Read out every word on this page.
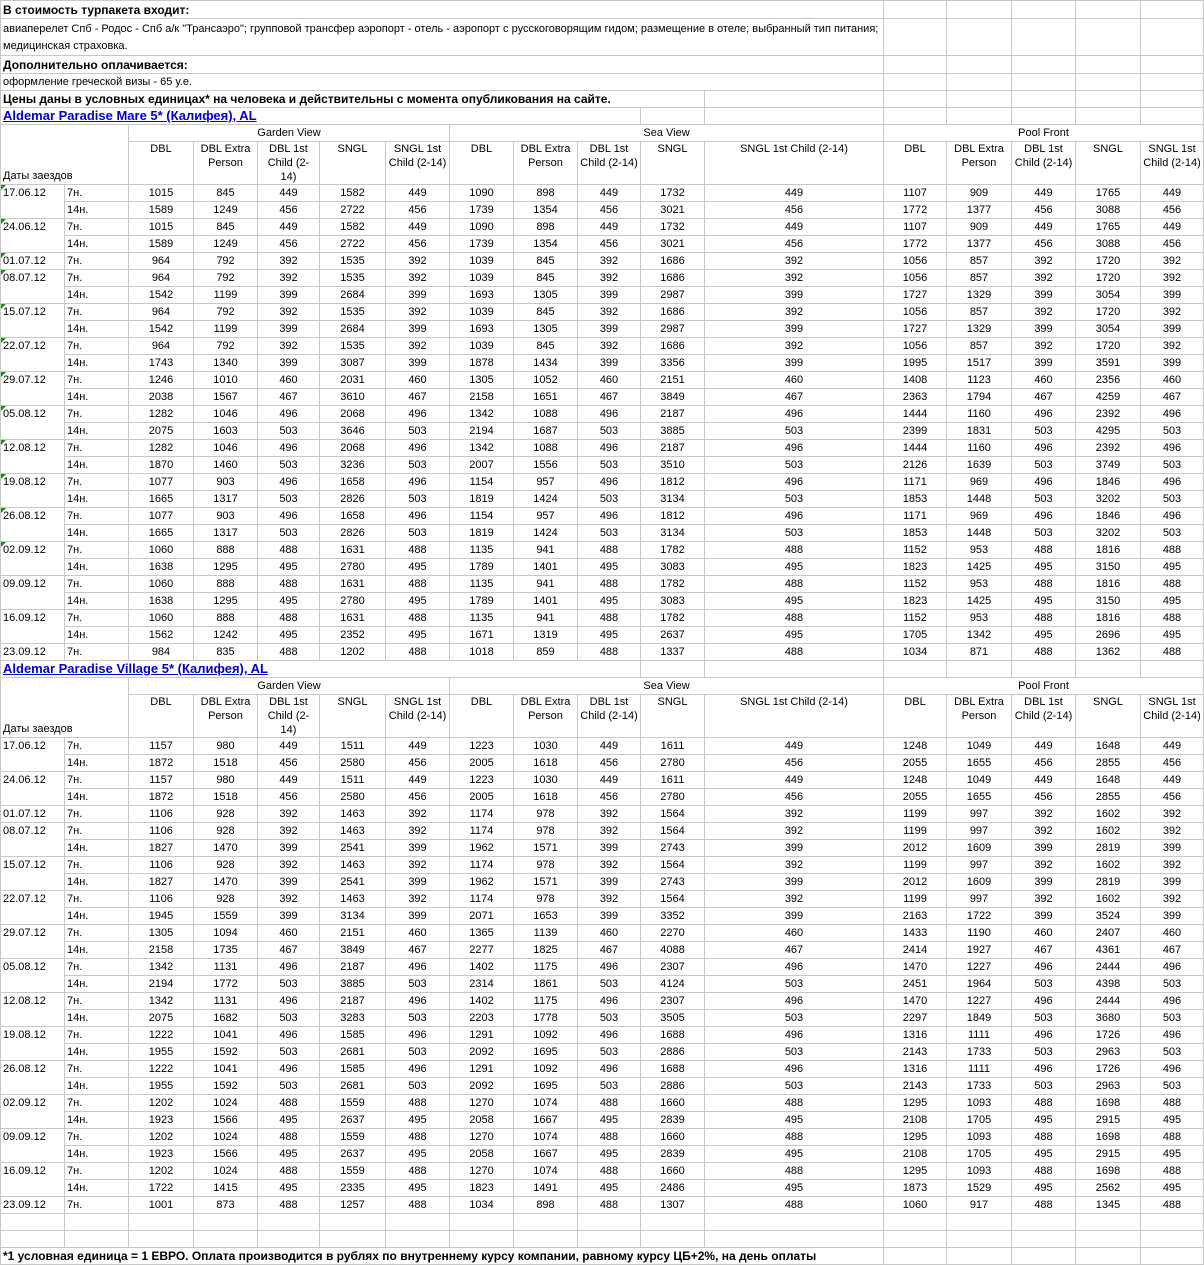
В стоимость турпакета входит:																
авиаперелет Спб - Родос - Спб а/к "Трансаэро"; групповой трансфер аэропорт - отель - аэропорт с русскоговорящим гидом; размещение в отеле; выбранный тип питания; медицинская страховка.																
Дополнительно оплачивается:																
оформление греческой визы - 65 у.е.																
Цены даны в условных единицах* на человека и действительны с момента опубликования на сайте.																
Aldemar Paradise Mare 5* (Калифея), AL																
Даты заездов		Garden View					Sea View					Pool Front				
		DBL	DBL Extra Person	DBL 1st Child (2-14)	SNGL	SNGL 1st Child (2-14)	DBL	DBL Extra Person	DBL 1st Child (2-14)	SNGL	SNGL 1st Child (2-14)	DBL	DBL Extra Person	DBL 1st Child (2-14)	SNGL	SNGL 1st Child (2-14)
17.06.12	7н.	1015	845	449	1582	449	1090	898	449	1732	449	1107	909	449	1765	449
	14н.	1589	1249	456	2722	456	1739	1354	456	3021	456	1772	1377	456	3088	456
24.06.12	7н.	1015	845	449	1582	449	1090	898	449	1732	449	1107	909	449	1765	449
	14н.	1589	1249	456	2722	456	1739	1354	456	3021	456	1772	1377	456	3088	456
01.07.12	7н.	964	792	392	1535	392	1039	845	392	1686	392	1056	857	392	1720	392
08.07.12	7н.	964	792	392	1535	392	1039	845	392	1686	392	1056	857	392	1720	392
	14н.	1542	1199	399	2684	399	1693	1305	399	2987	399	1727	1329	399	3054	399
15.07.12	7н.	964	792	392	1535	392	1039	845	392	1686	392	1056	857	392	1720	392
	14н.	1542	1199	399	2684	399	1693	1305	399	2987	399	1727	1329	399	3054	399
22.07.12	7н.	964	792	392	1535	392	1039	845	392	1686	392	1056	857	392	1720	392
	14н.	1743	1340	399	3087	399	1878	1434	399	3356	399	1995	1517	399	3591	399
29.07.12	7н.	1246	1010	460	2031	460	1305	1052	460	2151	460	1408	1123	460	2356	460
	14н.	2038	1567	467	3610	467	2158	1651	467	3849	467	2363	1794	467	4259	467
05.08.12	7н.	1282	1046	496	2068	496	1342	1088	496	2187	496	1444	1160	496	2392	496
	14н.	2075	1603	503	3646	503	2194	1687	503	3885	503	2399	1831	503	4295	503
12.08.12	7н.	1282	1046	496	2068	496	1342	1088	496	2187	496	1444	1160	496	2392	496
	14н.	1870	1460	503	3236	503	2007	1556	503	3510	503	2126	1639	503	3749	503
19.08.12	7н.	1077	903	496	1658	496	1154	957	496	1812	496	1171	969	496	1846	496
	14н.	1665	1317	503	2826	503	1819	1424	503	3134	503	1853	1448	503	3202	503
26.08.12	7н.	1077	903	496	1658	496	1154	957	496	1812	496	1171	969	496	1846	496
	14н.	1665	1317	503	2826	503	1819	1424	503	3134	503	1853	1448	503	3202	503
02.09.12	7н.	1060	888	488	1631	488	1135	941	488	1782	488	1152	953	488	1816	488
	14н.	1638	1295	495	2780	495	1789	1401	495	3083	495	1823	1425	495	3150	495
09.09.12	7н.	1060	888	488	1631	488	1135	941	488	1782	488	1152	953	488	1816	488
	14н.	1638	1295	495	2780	495	1789	1401	495	3083	495	1823	1425	495	3150	495
16.09.12	7н.	1060	888	488	1631	488	1135	941	488	1782	488	1152	953	488	1816	488
	14н.	1562	1242	495	2352	495	1671	1319	495	2637	495	1705	1342	495	2696	495
23.09.12	7н.	984	835	488	1202	488	1018	859	488	1337	488	1034	871	488	1362	488
Aldemar Paradise Village 5* (Калифея), AL																
Даты заездов		Garden View					Sea View					Pool Front				
		DBL	DBL Extra Person	DBL 1st Child (2-14)	SNGL	SNGL 1st Child (2-14)	DBL	DBL Extra Person	DBL 1st Child (2-14)	SNGL	SNGL 1st Child (2-14)	DBL	DBL Extra Person	DBL 1st Child (2-14)	SNGL	SNGL 1st Child (2-14)
17.06.12	7н.	1157	980	449	1511	449	1223	1030	449	1611	449	1248	1049	449	1648	449
	14н.	1872	1518	456	2580	456	2005	1618	456	2780	456	2055	1655	456	2855	456
24.06.12	7н.	1157	980	449	1511	449	1223	1030	449	1611	449	1248	1049	449	1648	449
	14н.	1872	1518	456	2580	456	2005	1618	456	2780	456	2055	1655	456	2855	456
01.07.12	7н.	1106	928	392	1463	392	1174	978	392	1564	392	1199	997	392	1602	392
08.07.12	7н.	1106	928	392	1463	392	1174	978	392	1564	392	1199	997	392	1602	392
	14н.	1827	1470	399	2541	399	1962	1571	399	2743	399	2012	1609	399	2819	399
15.07.12	7н.	1106	928	392	1463	392	1174	978	392	1564	392	1199	997	392	1602	392
	14н.	1827	1470	399	2541	399	1962	1571	399	2743	399	2012	1609	399	2819	399
22.07.12	7н.	1106	928	392	1463	392	1174	978	392	1564	392	1199	997	392	1602	392
	14н.	1945	1559	399	3134	399	2071	1653	399	3352	399	2163	1722	399	3524	399
29.07.12	7н.	1305	1094	460	2151	460	1365	1139	460	2270	460	1433	1190	460	2407	460
	14н.	2158	1735	467	3849	467	2277	1825	467	4088	467	2414	1927	467	4361	467
05.08.12	7н.	1342	1131	496	2187	496	1402	1175	496	2307	496	1470	1227	496	2444	496
	14н.	2194	1772	503	3885	503	2314	1861	503	4124	503	2451	1964	503	4398	503
12.08.12	7н.	1342	1131	496	2187	496	1402	1175	496	2307	496	1470	1227	496	2444	496
	14н.	2075	1682	503	3283	503	2203	1778	503	3505	503	2297	1849	503	3680	503
19.08.12	7н.	1222	1041	496	1585	496	1291	1092	496	1688	496	1316	1111	496	1726	496
	14н.	1955	1592	503	2681	503	2092	1695	503	2886	503	2143	1733	503	2963	503
26.08.12	7н.	1222	1041	496	1585	496	1291	1092	496	1688	496	1316	1111	496	1726	496
	14н.	1955	1592	503	2681	503	2092	1695	503	2886	503	2143	1733	503	2963	503
02.09.12	7н.	1202	1024	488	1559	488	1270	1074	488	1660	488	1295	1093	488	1698	488
	14н.	1923	1566	495	2637	495	2058	1667	495	2839	495	2108	1705	495	2915	495
09.09.12	7н.	1202	1024	488	1559	488	1270	1074	488	1660	488	1295	1093	488	1698	488
	14н.	1923	1566	495	2637	495	2058	1667	495	2839	495	2108	1705	495	2915	495
16.09.12	7н.	1202	1024	488	1559	488	1270	1074	488	1660	488	1295	1093	488	1698	488
	14н.	1722	1415	495	2335	495	1823	1491	495	2486	495	1873	1529	495	2562	495
23.09.12	7н.	1001	873	488	1257	488	1034	898	488	1307	488	1060	917	488	1345	488

*1 условная единица = 1 ЕВРО. Оплата производится в рублях по внутреннему курсу компании, равному курсу ЦБ+2%, на день оплаты																
